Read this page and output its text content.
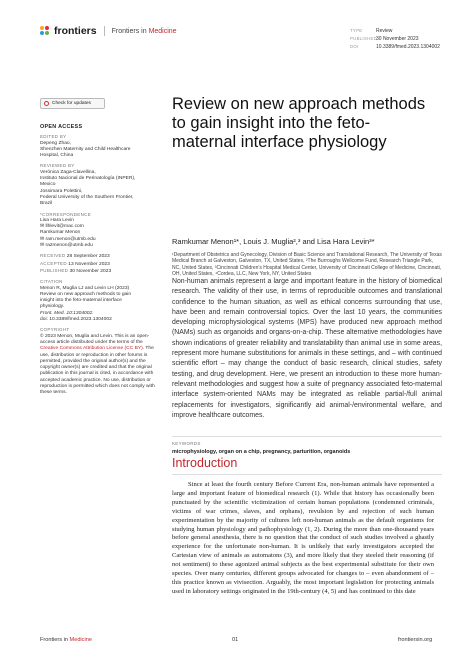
frontiers Frontiers in Medicine	TYPE	Review
PUBLISHED30 November 2023
DOI	10.3389/fmed.2023.1304002
Check for updates
OPEN ACCESS
EDITED BY
Depeng Zhao,
Shenzhen Maternity and Child Healthcare
Hospital, China
REVIEWED BY
Verónica Zaga-Clavellina,
Instituto Nacional de Perinatología (INPER),
Mexico
Jossimara Polettini,
Federal University of the Southern Frontier,
Brazil
*CORRESPONDENCE
Lisa Hara Levin
✉ llhlevit@mac.com
Ramkumar Menon
✉ ram.menon@utmb.edu
✉ ra2menon@utmb.edu
RECEIVED 28 September 2023
ACCEPTED 13 November 2023
PUBLISHED 30 November 2023
CITATION
Menon R, Muglia LJ and Levin LH (2023)
Review on new approach methods to gain
insight into the feto-maternal interface
physiology.
Front. Med. 10:1304002.
doi: 10.3389/fmed.2023.1304002
COPYRIGHT
© 2023 Menon, Muglia and Levin. This is an open-access article distributed under the terms of the Creative Commons Attribution License (CC BY). The use, distribution or reproduction in other forums is permitted, provided the original author(s) and the copyright owner(s) are credited and that the original publication in this journal is cited, in accordance with accepted academic practice. No use, distribution or reproduction is permitted which does not comply with these terms.
Review on new approach methods to gain insight into the feto-maternal interface physiology
Ramkumar Menon¹*, Louis J. Muglia²,³ and Lisa Hara Levin³*
¹Department of Obstetrics and Gynecology, Division of Basic Science and Translational Research, The University of Texas Medical Branch at Galveston, Galveston, TX, United States, ²The Burroughs Wellcome Fund, Research Triangle Park, NC, United States, ³Cincinnati Children's Hospital Medical Center, University of Cincinnati College of Medicine, Cincinnati, OH, United States, ⁴Cordea, LLC, New York, NY, United States
Non-human animals represent a large and important feature in the history of biomedical research. The validity of their use, in terms of reproducible outcomes and translational confidence to the human situation, as well as ethical concerns surrounding that use, have been and remain controversial topics. Over the last 10 years, the communities developing microphysiological systems (MPS) have produced new approach method (NAMs) such as organoids and organs-on-a-chip. These alternative methodologies have shown indications of greater reliability and translatability than animal use in some areas, represent more humane substitutions for animals in these settings, and – with continued scientific effort – may change the conduct of basic research, clinical studies, safety testing, and drug development. Here, we present an introduction to these more human-relevant methodologies and suggest how a suite of pregnancy associated feto-maternal interface system-oriented NAMs may be integrated as reliable partial-/full animal replacements for investigators, significantly aid animal-/environmental welfare, and improve healthcare outcomes.
KEYWORDS
microphysiology, organ on a chip, pregnancy, parturition, organoids
Introduction
Since at least the fourth century Before Current Era, non-human animals have represented a large and important feature of biomedical research (1). While that history has occasionally been punctuated by the scientific victimization of certain human populations (condemned criminals, victims of war crimes, slaves, and orphans), revulsion by and rejection of such human experimentation by the majority of cultures left non-human animals as the default organisms for studying human physiology and pathophysiology (1, 2). During the more than one-thousand years before general anesthesia, there is no question that the conduct of such studies involved a ghastly experience for the unfortunate non-human. It is unlikely that early investigators accepted the Cartesian view of animals as automatons (3), and more likely that they steeled their reasoning (if not sentiment) to these agonized animal subjects as the best experimental substitute for their own species. Over many centuries, different groups advocated for changes to – even abandonment of – this practice known as vivisection. Arguably, the most important legislation for protecting animals used in laboratory settings originated in the 19th-century (4, 5) and has continued to this date
Frontiers in Medicine	01	frontiersin.org
